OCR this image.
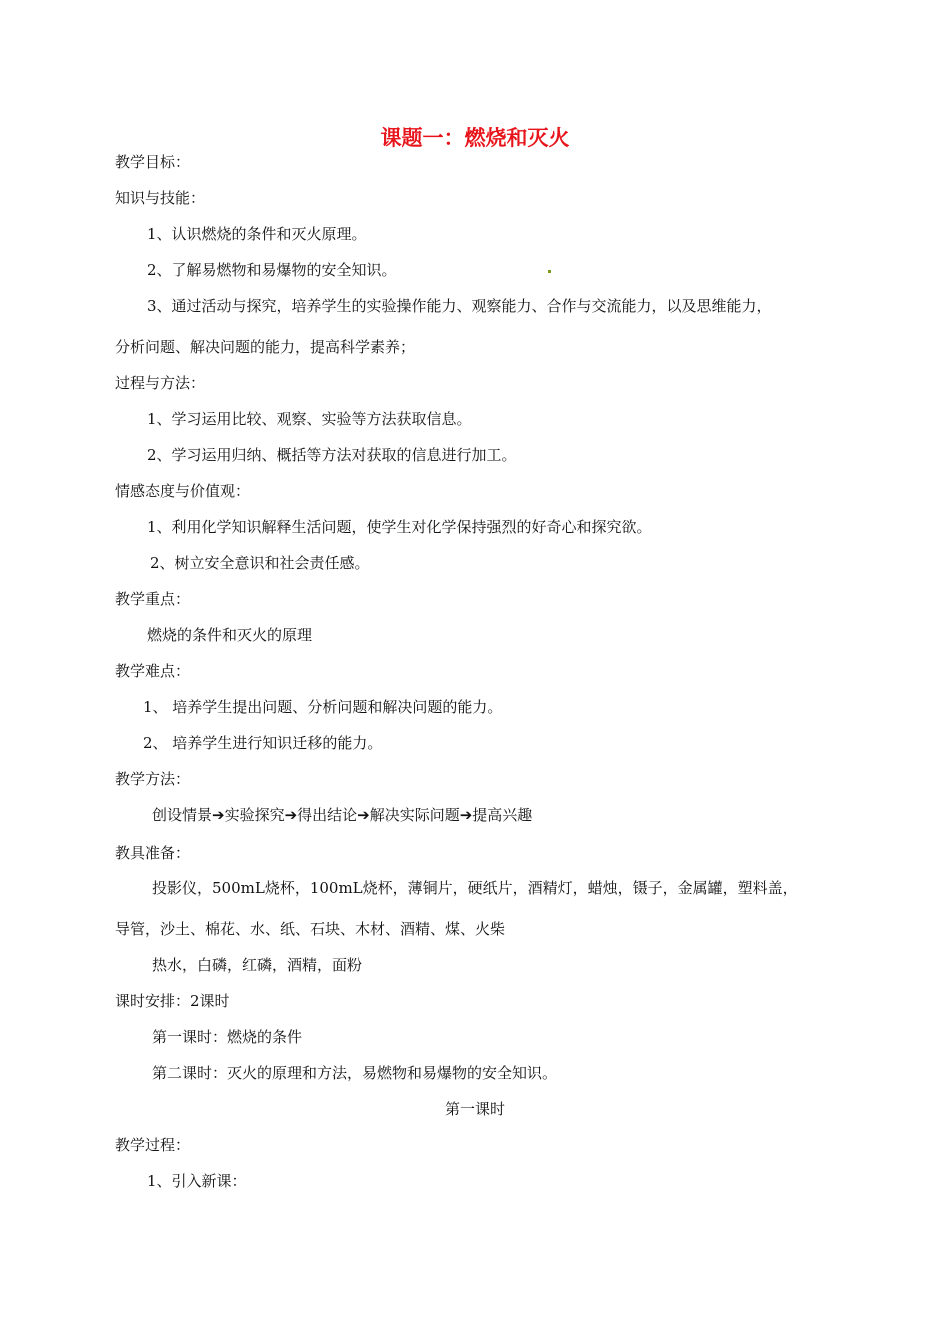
课题一：燃烧和灭火
教学目标：
知识与技能：
1、认识燃烧的条件和灭火原理。
2、了解易燃物和易爆物的安全知识。
3、通过活动与探究，培养学生的实验操作能力、观察能力、合作与交流能力，以及思维能力，
分析问题、解决问题的能力，提高科学素养；
过程与方法：
1、学习运用比较、观察、实验等方法获取信息。
2、学习运用归纳、概括等方法对获取的信息进行加工。
情感态度与价值观：
1、利用化学知识解释生活问题，使学生对化学保持强烈的好奇心和探究欲。
2、树立安全意识和社会责任感。
教学重点：
燃烧的条件和灭火的原理
教学难点：
1、 培养学生提出问题、分析问题和解决问题的能力。
2、 培养学生进行知识迁移的能力。
教学方法：
创设情景➔实验探究➔得出结论➔解决实际问题➔提高兴趣
教具准备：
投影仪，500mL烧杯，100mL烧杯，薄铜片，硬纸片，酒精灯，蜡烛，镊子，金属罐，塑料盖，
导管，沙土、棉花、水、纸、石块、木材、酒精、煤、火柴
热水，白磷，红磷，酒精，面粉
课时安排：2课时
第一课时：燃烧的条件
第二课时：灭火的原理和方法，易燃物和易爆物的安全知识。
第一课时
教学过程：
1、引入新课：
